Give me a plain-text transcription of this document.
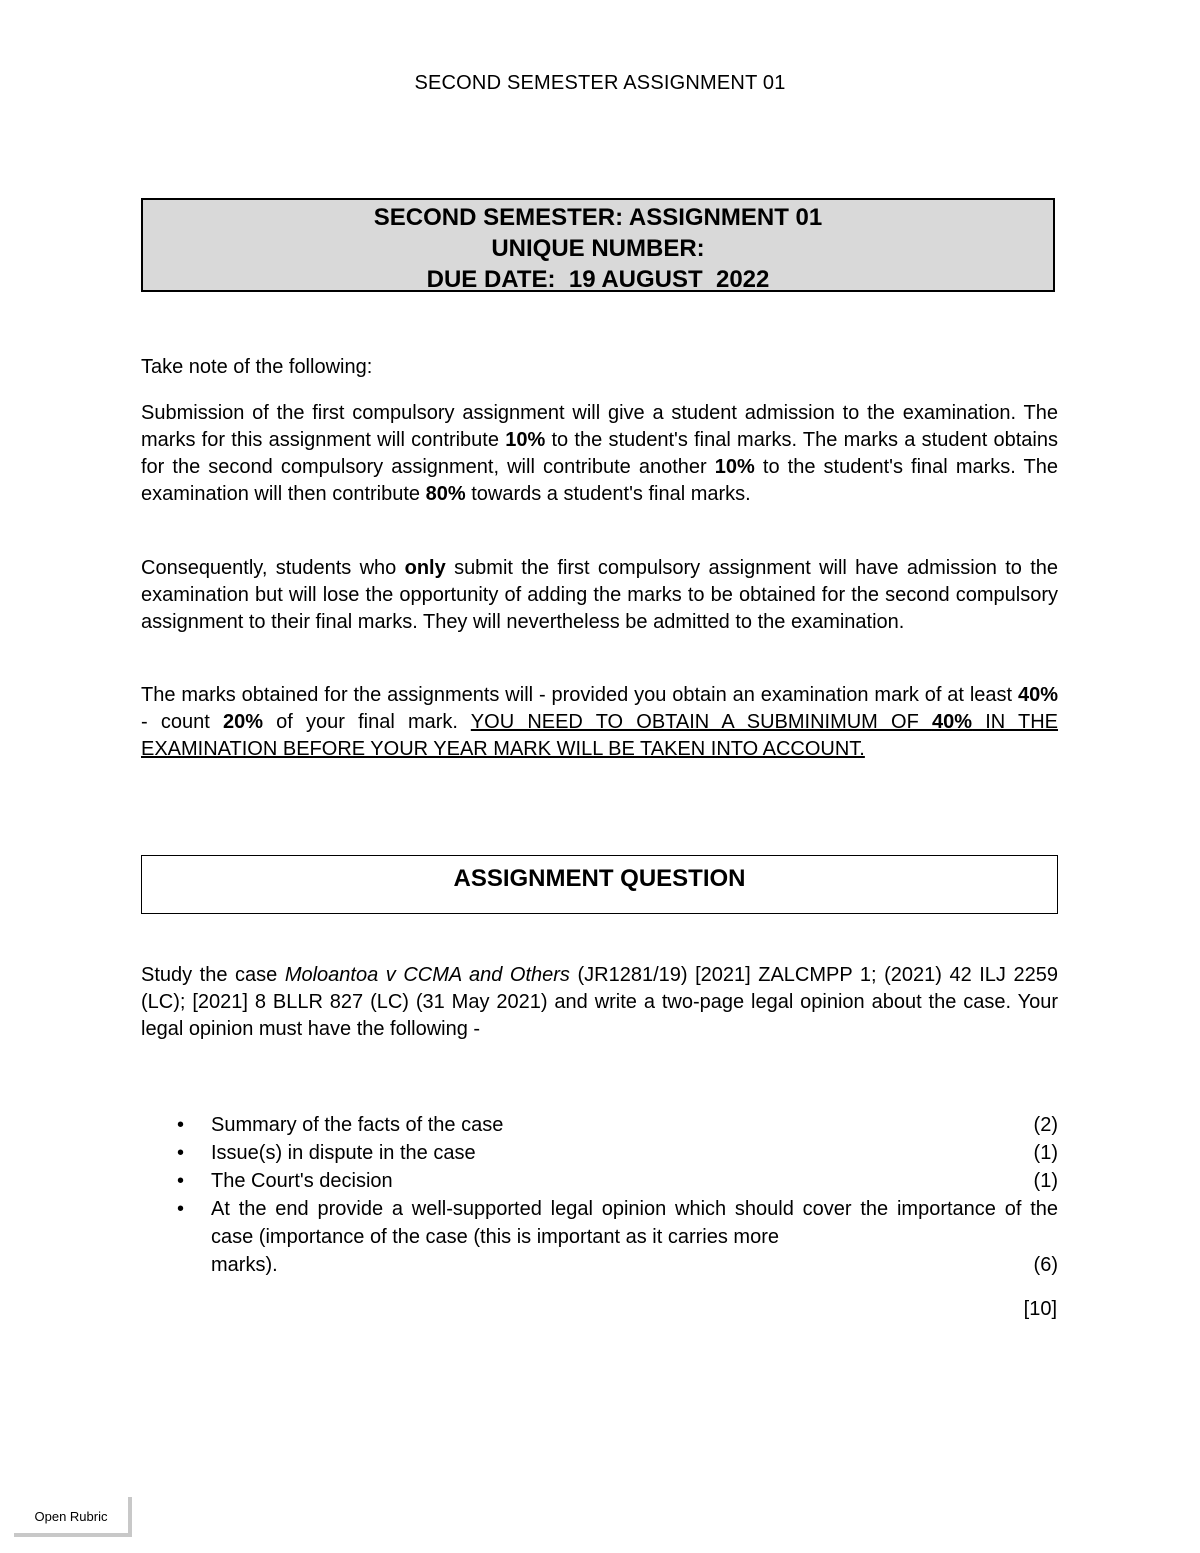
SECOND SEMESTER ASSIGNMENT 01
SECOND SEMESTER: ASSIGNMENT 01
UNIQUE NUMBER:
DUE DATE:  19 AUGUST  2022

Take note of the following:

Submission of the first compulsory assignment will give a student admission to the examination. The marks for this assignment will contribute 10% to the student's final marks. The marks a student obtains for the second compulsory assignment, will contribute another 10% to the student's final marks. The examination will then contribute 80% towards a student's final marks.

Consequently, students who only submit the first compulsory assignment will have admission to the examination but will lose the opportunity of adding the marks to be obtained for the second compulsory assignment to their final marks. They will nevertheless be admitted to the examination.

The marks obtained for the assignments will - provided you obtain an examination mark of at least 40% - count 20% of your final mark. YOU NEED TO OBTAIN A SUBMINIMUM OF 40% IN THE EXAMINATION BEFORE YOUR YEAR MARK WILL BE TAKEN INTO ACCOUNT.

ASSIGNMENT QUESTION

Study the case Moloantoa v CCMA and Others (JR1281/19) [2021] ZALCMPP 1; (2021) 42 ILJ 2259 (LC); [2021] 8 BLLR 827 (LC) (31 May 2021) and write a two-page legal opinion about the case. Your legal opinion must have the following -

• Summary of the facts of the case	(2)
• Issue(s) in dispute in the case	(1)
• The Court's decision	(1)
• At the end provide a well-supported legal opinion which should cover the importance of the case (importance of the case (this is important as it carries more
marks).	(6)
[10]
Open Rubric
